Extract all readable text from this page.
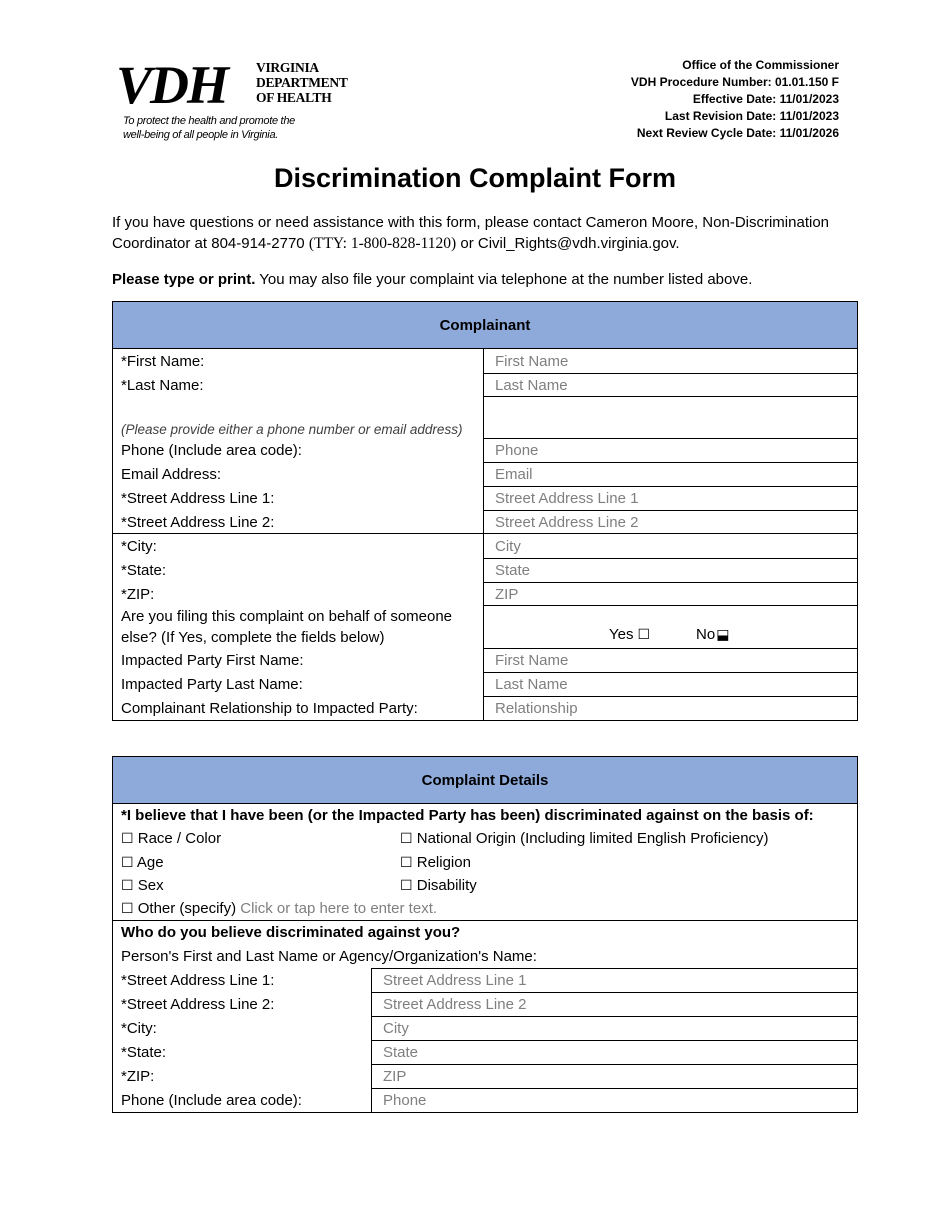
VDH VIRGINIA
DEPARTMENT
OF HEALTH
To protect the health and promote the
well-being of all people in Virginia.
Office of the Commissioner
VDH Procedure Number: 01.01.150 F
Effective Date: 11/01/2023
Last Revision Date: 11/01/2023
Next Review Cycle Date: 11/01/2026
Discrimination Complaint Form
If you have questions or need assistance with this form, please contact Cameron Moore, Non-Discrimination Coordinator at 804-914-2770 (TTY: 1-800-828-1120) or Civil_Rights@vdh.virginia.gov.
Please type or print. You may also file your complaint via telephone at the number listed above.
Complainant
*First Name:	First Name
*Last Name:	Last Name
(Please provide either a phone number or email address)
Phone (Include area code):	Phone
Email Address:	Email
*Street Address Line 1:	Street Address Line 1
*Street Address Line 2:	Street Address Line 2
*City:	City
*State:	State
*ZIP:	ZIP
Are you filing this complaint on behalf of someone
else? (If Yes, complete the fields below)	Yes ☐	No ⬓
Impacted Party First Name:	First Name
Impacted Party Last Name:	Last Name
Complainant Relationship to Impacted Party:	Relationship
Complaint Details
*I believe that I have been (or the Impacted Party has been) discriminated against on the basis of:
☐ Race / Color	☐ National Origin (Including limited English Proficiency)
☐ Age	☐ Religion
☐ Sex	☐ Disability
☐ Other (specify) Click or tap here to enter text.
Who do you believe discriminated against you?
Person's First and Last Name or Agency/Organization's Name:
*Street Address Line 1:	Street Address Line 1
*Street Address Line 2:	Street Address Line 2
*City:	City
*State:	State
*ZIP:	ZIP
Phone (Include area code):	Phone
